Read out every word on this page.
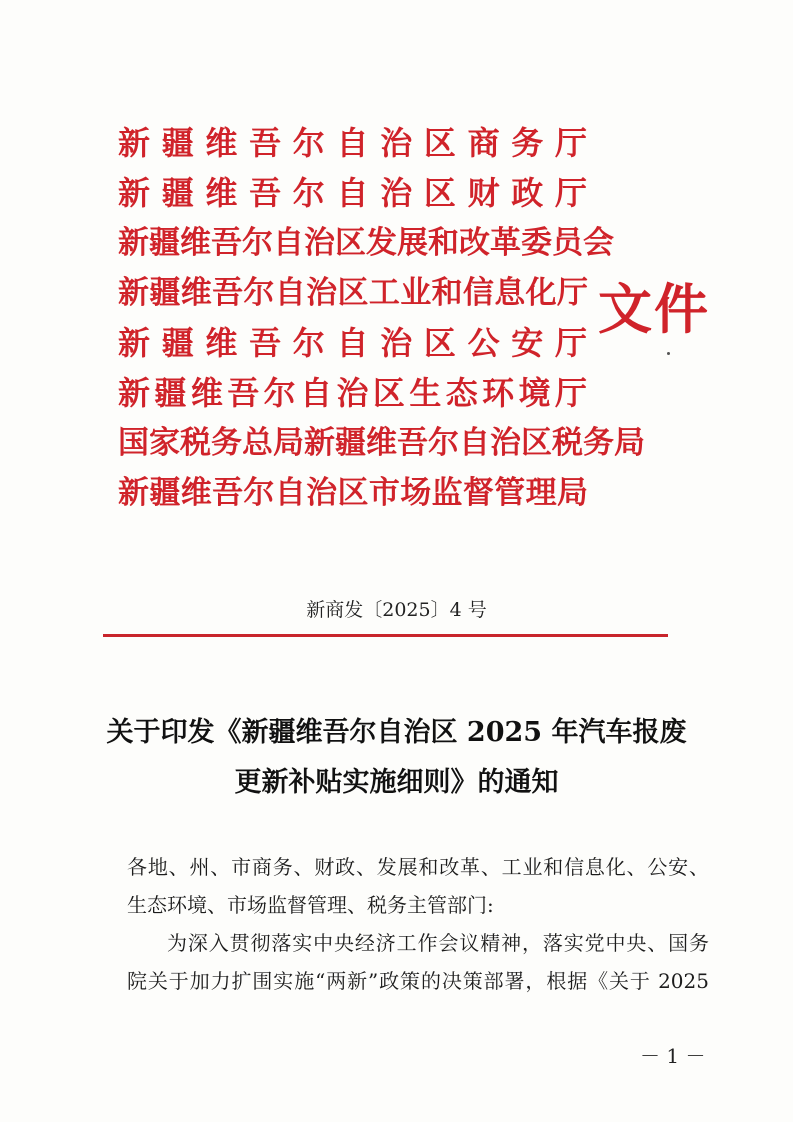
新疆维吾尔自治区商务厅
新疆维吾尔自治区财政厅
新疆维吾尔自治区发展和改革委员会
新疆维吾尔自治区工业和信息化厅
新疆维吾尔自治区公安厅
新疆维吾尔自治区生态环境厅
国家税务总局新疆维吾尔自治区税务局
新疆维吾尔自治区市场监督管理局
文件
新商发〔2025〕4 号
关于印发《新疆维吾尔自治区 2025 年汽车报废
更新补贴实施细则》的通知

各地、州、市商务、财政、发展和改革、工业和信息化、公安、

生态环境、市场监督管理、税务主管部门:

为深入贯彻落实中央经济工作会议精神，落实党中央、国务

院关于加力扩围实施“两新”政策的决策部署，根据《关于 2025

－ 1 －
